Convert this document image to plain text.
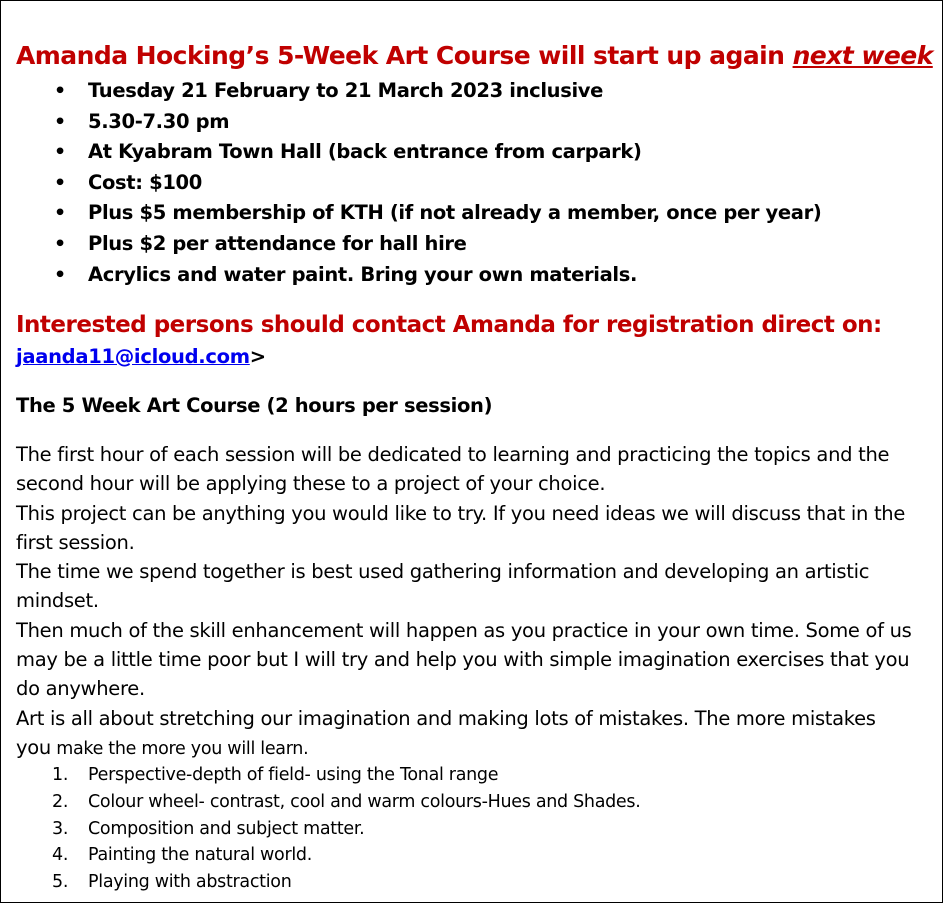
Amanda Hocking’s 5-Week Art Course will start up again next week
• Tuesday 21 February to 21 March 2023 inclusive
• 5.30-7.30 pm
• At Kyabram Town Hall (back entrance from carpark)
• Cost: $100
• Plus $5 membership of KTH (if not already a member, once per year)
• Plus $2 per attendance for hall hire
• Acrylics and water paint. Bring your own materials.
Interested persons should contact Amanda for registration direct on:
jaanda11@icloud.com>
The 5 Week Art Course (2 hours per session)

The first hour of each session will be dedicated to learning and practicing the topics and the second hour will be applying these to a project of your choice.

This project can be anything you would like to try. If you need ideas we will discuss that in the first session.

The time we spend together is best used gathering information and developing an artistic mindset.

Then much of the skill enhancement will happen as you practice in your own time. Some of us may be a little time poor but I will try and help you with simple imagination exercises that you do anywhere.

Art is all about stretching our imagination and making lots of mistakes. The more mistakes
you make the more you will learn.

1. Perspective-depth of field- using the Tonal range
2. Colour wheel- contrast, cool and warm colours-Hues and Shades.
3. Composition and subject matter.
4. Painting the natural world.
5. Playing with abstraction
